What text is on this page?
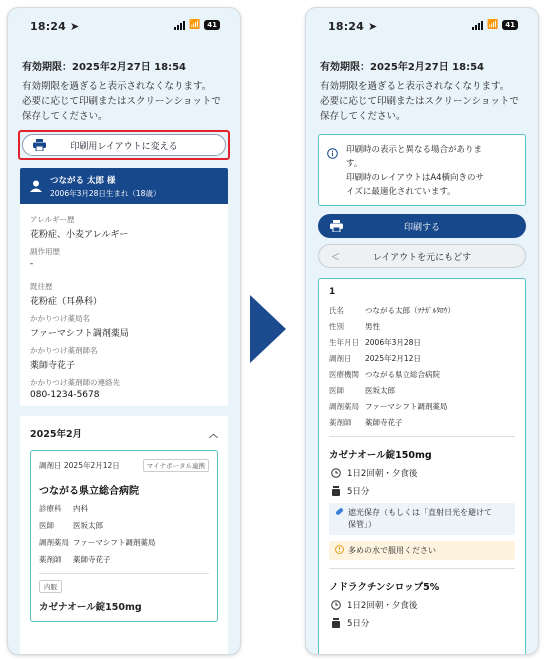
18:24 ➤	📶	41
有効期限：2025年2月27日 18:54
有効期限を過ぎると表示されなくなります。
必要に応じて印刷またはスクリーンショットで
保存してください。
印刷用レイアウトに変える
つながる 太郎 様
2006年3月28日生まれ（18歳）
アレルギー歴
花粉症、小麦アレルギー
副作用歴
-
既往歴
花粉症（耳鼻科）
かかりつけ薬局名
ファーマシフト調剤薬局
かかりつけ薬剤師名
薬師寺花子
かかりつけ薬剤師の連絡先
080-1234-5678
2025年2月	︿
調剤日 2025年2月12日	マイナポータル連携
つながる県立総合病院
診療科	内科
医師	医坂太郎
調剤薬局 ファーマシフト調剤薬局
薬剤師	薬師寺花子
内服
カゼナオール錠150mg
18:24 ➤	📶	41
有効期限：2025年2月27日 18:54
有効期限を過ぎると表示されなくなります。
必要に応じて印刷またはスクリーンショットで
保存してください。

印刷時の表示と異なる場合がありま
す。
印刷時のレイアウトはA4横向きのサ
イズに最適化されています。

印刷する
＜	レイアウトを元にもどす
1
氏名	つながる太郎（ﾂﾅｶﾞﾙﾀﾛｳ）
性別	男性
生年月日 2006年3月28日
調剤日	2025年2月12日
医療機関 つながる県立総合病院
医師	医坂太郎
調剤薬局 ファーマシフト調剤薬局
薬剤師	薬師寺花子
カゼナオール錠150mg
1日2回朝・夕食後
5日分
遮光保存（もしくは「直射日光を避けて
保管」）
多めの水で服用ください
ノドラクチンシロップ5%
1日2回朝・夕食後
5日分
